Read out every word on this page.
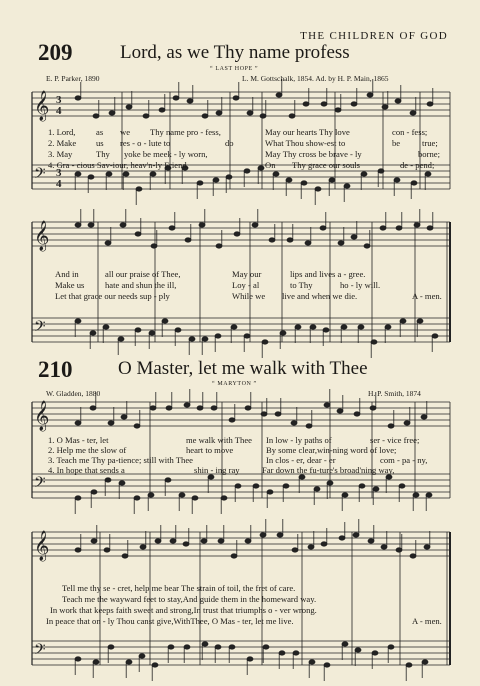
THE CHILDREN OF GOD
209	Lord, as we Thy name profess
“ LAST HOPE ”
E. P. Parker, 1890	L. M. Gottschalk, 1854. Ad. by H. P. Main, 1865
𝄞
𝄢
𝄞
𝄢
𝄞
𝄢
𝄞
𝄢
3
4
3
4
1. Lord, as we Thy name pro - fess,	May our hearts Thy love	con - fess;
2. Make us res - o - lute to	do	What Thou show-est to	be	true;
3. May	Thy yoke be meek - ly worn,	May Thy cross be brave - ly	borne;
4. Gra - cious Sav-iour, heav'n-ly Friend,	On Thy grace our souls	de - pend;
And in	all our praise of Thee,	May our	lips and lives a - gree.
Make us hate and shun the ill,	Loy - al	to Thy	ho - ly will.
Let that grace our needs sup - ply	While we live and when we die.	A - men.
210 O Master, let me walk with Thee
“ MARYTON ”
W. Gladden, 1880	H. P. Smith, 1874
1. O Mas - ter, let	me walk with Thee In low - ly paths of	ser - vice free;
2. Help me the slow of	heart to move	By some clear,win-ning word of love;
3. Teach me Thy pa-tience; still with Thee	In clos - er, dear - er	com - pa - ny,
4. In hope that sends a	shin - ing ray	Far down the fu-ture's broad'ning way,
Tell me thy se - cret, help me bear The strain of toil, the fret of care.
Teach me the wayward feet to stay,And guide them in the homeward way.
In work that keeps faith sweet and strong,In trust that triumphs o - ver wrong.
In peace that on - ly Thou canst give,WithThee, O Mas - ter, let me live.	A - men.
